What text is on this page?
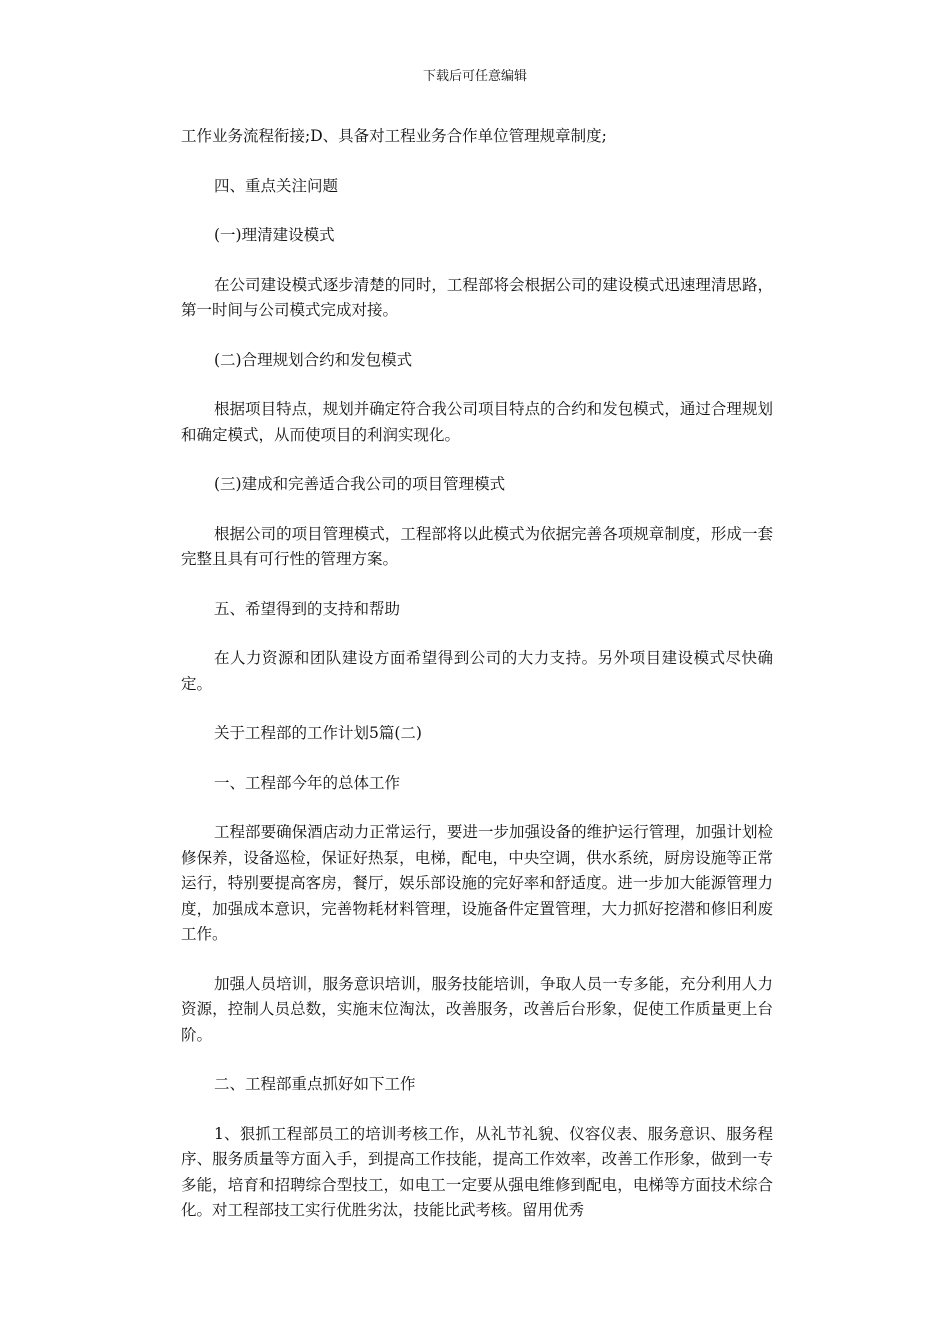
下载后可任意编辑

工作业务流程衔接;D、具备对工程业务合作单位管理规章制度;

四、重点关注问题

(一)理清建设模式

在公司建设模式逐步清楚的同时，工程部将会根据公司的建设模式迅速理清思路，第一时间与公司模式完成对接。

(二)合理规划合约和发包模式

根据项目特点，规划并确定符合我公司项目特点的合约和发包模式，通过合理规划和确定模式，从而使项目的利润实现化。

(三)建成和完善适合我公司的项目管理模式

根据公司的项目管理模式，工程部将以此模式为依据完善各项规章制度，形成一套完整且具有可行性的管理方案。

五、希望得到的支持和帮助

在人力资源和团队建设方面希望得到公司的大力支持。另外项目建设模式尽快确定。

关于工程部的工作计划5篇(二)

一、工程部今年的总体工作

工程部要确保酒店动力正常运行，要进一步加强设备的维护运行管理，加强计划检修保养，设备巡检，保证好热泵，电梯，配电，中央空调，供水系统，厨房设施等正常运行，特别要提高客房，餐厅，娱乐部设施的完好率和舒适度。进一步加大能源管理力度，加强成本意识，完善物耗材料管理，设施备件定置管理，大力抓好挖潜和修旧利废工作。

加强人员培训，服务意识培训，服务技能培训，争取人员一专多能，充分利用人力资源，控制人员总数，实施末位淘汰，改善服务，改善后台形象，促使工作质量更上台阶。

二、工程部重点抓好如下工作

1、狠抓工程部员工的培训考核工作，从礼节礼貌、仪容仪表、服务意识、服务程序、服务质量等方面入手，到提高工作技能，提高工作效率，改善工作形象，做到一专多能，培育和招聘综合型技工，如电工一定要从强电维修到配电，电梯等方面技术综合化。对工程部技工实行优胜劣汰，技能比武考核。留用优秀
